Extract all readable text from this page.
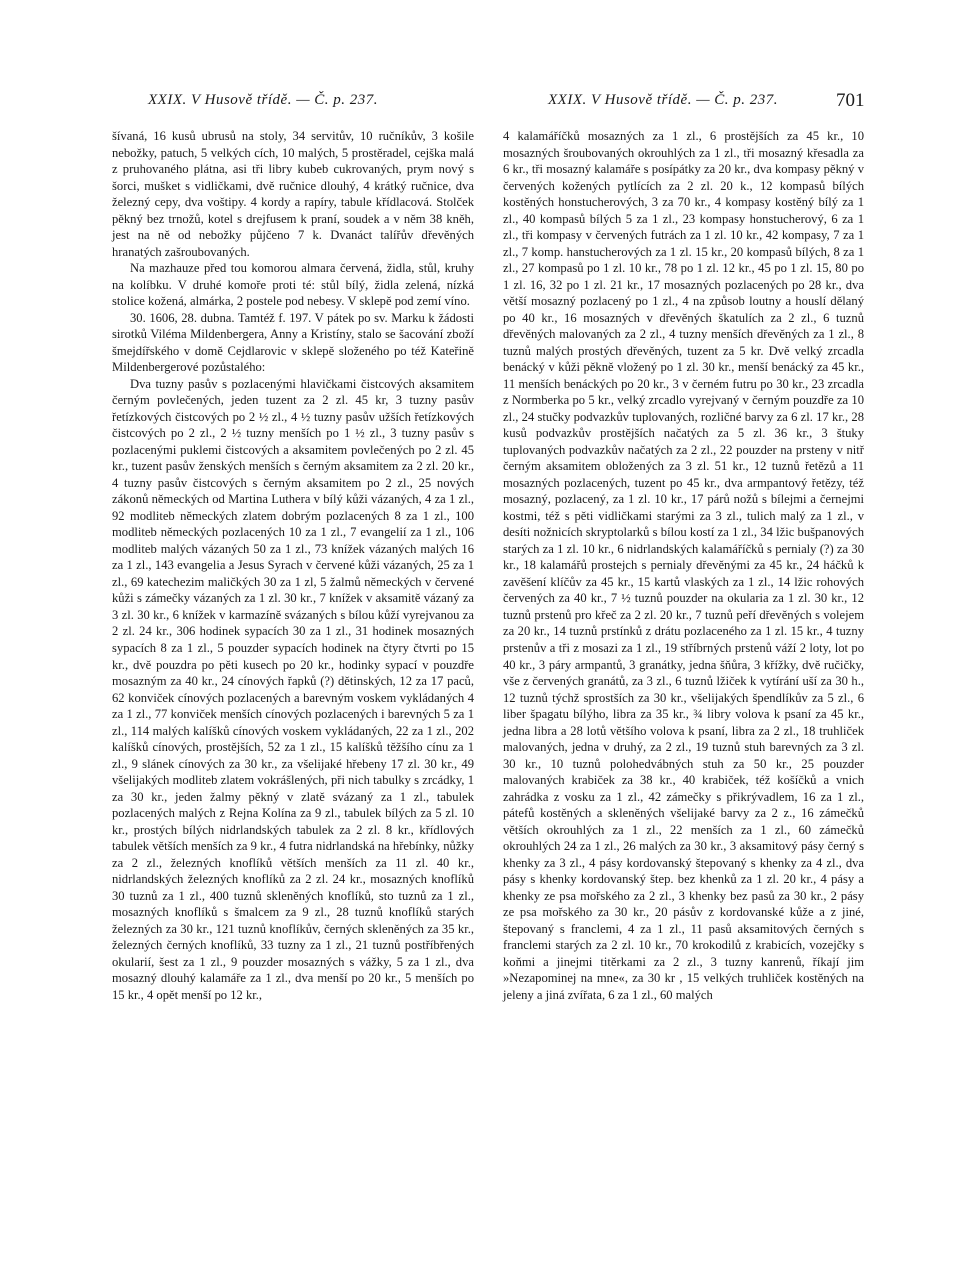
XXIX. V Husově třídě. — Č. p. 237.	XXIX. V Husově třídě. — Č. p. 237.	701

šívaná, 16 kusů ubrusů na stoly, 34 servitův, 10 ručníkův, 3 košile nebožky, patuch, 5 velkých cích, 10 malých, 5 prostěradel, cejška malá z pruhovaného plátna, asi tři libry kubeb cukrovaných, prym nový s šorci, mušket s vidličkami, dvě ručnice dlouhý, 4 krátký ručnice, dva železný cepy, dva voštipy. 4 kordy a rapíry, tabule křídlacová. Stolček pěkný bez trnožů, kotel s drejfusem k praní, soudek a v něm 38 kněh, jest na ně od nebožky půjčeno 7 k. Dvanáct talířův dřevěných hranatých zašroubovaných.

Na mazhauze před tou komorou almara červená, židla, stůl, kruhy na kolíbku. V druhé komoře proti té: stůl bílý, židla zelená, nízká stolice kožená, almárka, 2 postele pod nebesy. V sklepě pod zemí víno.

30. 1606, 28. dubna. Tamtéž f. 197. V pátek po sv. Marku k žádosti sirotků Viléma Mildenbergera, Anny a Kristíny, stalo se šacování zboží šmejdířského v domě Cejdlarovic v sklepě složeného po též Kateřině Mildenbergerové pozůstalého:

Dva tuzny pasův s pozlacenými hlavičkami čistcových aksamitem černým povlečených, jeden tuzent za 2 zl. 45 kr, 3 tuzny pasův řetízkových čistcových po 2 ½ zl., 4 ½ tuzny pasův užších řetízkových čistcových po 2 zl., 2 ½ tuzny menších po 1 ½ zl., 3 tuzny pasův s pozlacenými puklemi čistcových a aksamitem povlečených po 2 zl. 45 kr., tuzent pasův ženských menších s černým aksamitem za 2 zl. 20 kr., 4 tuzny pasův čistcových s černým aksamitem po 2 zl., 25 nových zákonů německých od Martina Luthera v bílý kůži vázaných, 4 za 1 zl., 92 modliteb německých zlatem dobrým pozlacených 8 za 1 zl., 100 modliteb německých pozlacených 10 za 1 zl., 7 evangelií za 1 zl., 106 modliteb malých vázaných 50 za 1 zl., 73 knížek vázaných malých 16 za 1 zl., 143 evangelia a Jesus Syrach v červené kůži vázaných, 25 za 1 zl., 69 katechezim maličkých 30 za 1 zl, 5 žalmů německých v červené kůži s zámečky vázaných za 1 zl. 30 kr., 7 knížek v aksamitě vázaný za 3 zl. 30 kr., 6 knížek v karmazíně svázaných s bílou kůží vyrejvanou za 2 zl. 24 kr., 306 hodinek sypacích 30 za 1 zl., 31 hodinek mosazných sypacích 8 za 1 zl., 5 pouzder sypacích hodinek na čtyry čtvrti po 15 kr., dvě pouzdra po pěti kusech po 20 kr., hodinky sypací v pouzdře mosazným za 40 kr., 24 cínových řapků (?) dětinských, 12 za 17 paců, 62 konviček cínových pozlacených a barevným voskem vykládaných 4 za 1 zl., 77 konviček menších cínových pozlacených i barevných 5 za 1 zl., 114 malých kalíšků cínových voskem vykládaných, 22 za 1 zl., 202 kalíšků cínových, prostějších, 52 za 1 zl., 15 kalíšků těžšího cínu za 1 zl., 9 slánek cínových za 30 kr., za všelijaké hřebeny 17 zl. 30 kr., 49 všelijakých modliteb zlatem vokrášlených, při nich tabulky s zrcádky, 1 za 30 kr., jeden žalmy pěkný v zlatě svázaný za 1 zl., tabulek pozlacených malých z Rejna Kolína za 9 zl., tabulek bílých za 5 zl. 10 kr., prostých bílých nidrlandských tabulek za 2 zl. 8 kr., křídlových tabulek větších menších za 9 kr., 4 futra nidrlandská na hřebínky, nůžky za 2 zl., železných knoflíků větších menších za 11 zl. 40 kr., nidrlandských železných knoflíků za 2 zl. 24 kr., mosazných knoflíků 30 tuznů za 1 zl., 400 tuznů skleněných knoflíků, sto tuznů za 1 zl., mosazných knoflíků s šmalcem za 9 zl., 28 tuznů knoflíků starých železných za 30 kr., 121 tuznů knoflíkův, černých skleněných za 35 kr., železných černých knoflíků, 33 tuzny za 1 zl., 21 tuznů postříbřených okularií, šest za 1 zl., 9 pouzder mosazných s vážky, 5 za 1 zl., dva mosazný dlouhý kalamáře za 1 zl., dva menší po 20 kr., 5 menších po 15 kr., 4 opět menší po 12 kr.,

4 kalamáříčků mosazných za 1 zl., 6 prostějších za 45 kr., 10 mosazných šroubovaných okrouhlých za 1 zl., tři mosazný křesadla za 6 kr., tři mosazný kalamáře s posípátky za 20 kr., dva kompasy pěkný v červených kožených pytlících za 2 zl. 20 k., 12 kompasů bílých kostěných honstucherových, 3 za 70 kr., 4 kompasy kostěný bílý za 1 zl., 40 kompasů bílých 5 za 1 zl., 23 kompasy honstucherový, 6 za 1 zl., tři kompasy v červených futrách za 1 zl. 10 kr., 42 kompasy, 7 za 1 zl., 7 komp. hanstucherových za 1 zl. 15 kr., 20 kompasů bílých, 8 za 1 zl., 27 kompasů po 1 zl. 10 kr., 78 po 1 zl. 12 kr., 45 po 1 zl. 15, 80 po 1 zl. 16, 32 po 1 zl. 21 kr., 17 mosazných pozlacených po 28 kr., dva větší mosazný pozlacený po 1 zl., 4 na způsob loutny a houslí dělaný po 40 kr., 16 mosazných v dřevěných škatulích za 2 zl., 6 tuznů dřevěných malovaných za 2 zl., 4 tuzny menších dřevěných za 1 zl., 8 tuznů malých prostých dřevěných, tuzent za 5 kr. Dvě velký zrcadla benácký v kůži pěkně vložený po 1 zl. 30 kr., menší benácký za 45 kr., 11 menších benáckých po 20 kr., 3 v černém futru po 30 kr., 23 zrcadla z Normberka po 5 kr., velký zrcadlo vyrejvaný v černým pouzdře za 10 zl., 24 stučky podvazkův tuplovaných, rozličné barvy za 6 zl. 17 kr., 28 kusů podvazkův prostějších načatých za 5 zl. 36 kr., 3 štuky tuplovaných podvazkův načatých za 2 zl., 22 pouzder na prsteny v nitř černým aksamitem obložených za 3 zl. 51 kr., 12 tuznů řetězů a 11 mosazných pozlacených, tuzent po 45 kr., dva armpantový řetězy, též mosazný, pozlacený, za 1 zl. 10 kr., 17 párů nožů s bílejmi a černejmi kostmi, též s pěti vidličkami starými za 3 zl., tulich malý za 1 zl., v desíti nožnicích skryptolarků s bílou kostí za 1 zl., 34 lžic bušpanových starých za 1 zl. 10 kr., 6 nidrlandských kalamáříčků s pernialy (?) za 30 kr., 18 kalamářů prostejch s pernialy dřevěnými za 45 kr., 24 háčků k zavěšení klíčův za 45 kr., 15 kartů vlaských za 1 zl., 14 lžic rohových červených za 40 kr., 7 ½ tuznů pouzder na okularia za 1 zl. 30 kr., 12 tuznů prstenů pro křeč za 2 zl. 20 kr., 7 tuznů peří dřevěných s volejem za 20 kr., 14 tuznů prstínků z drátu pozlaceného za 1 zl. 15 kr., 4 tuzny prstenův a tři z mosazi za 1 zl., 19 stříbrných prstenů váží 2 loty, lot po 40 kr., 3 páry armpantů, 3 granátky, jedna šňůra, 3 křížky, dvě ručičky, vše z červených granátů, za 3 zl., 6 tuznů lžiček k vytírání uší za 30 h., 12 tuznů týchž sprostších za 30 kr., všelijakých špendlíkův za 5 zl., 6 liber špagatu bílýho, libra za 35 kr., ¾ libry volova k psaní za 45 kr., jedna libra a 28 lotů většího volova k psaní, libra za 2 zl., 18 truhliček malovaných, jedna v druhý, za 2 zl., 19 tuznů stuh barevných za 3 zl. 30 kr., 10 tuznů polohedvábných stuh za 50 kr., 25 pouzder malovaných krabiček za 38 kr., 40 krabiček, též košíčků a vnich zahrádka z vosku za 1 zl., 42 zámečky s přikrývadlem, 16 za 1 zl., pátefů kostěných a skleněných všelijaké barvy za 2 z., 16 zámečků větších okrouhlých za 1 zl., 22 menších za 1 zl., 60 zámečků okrouhlých 24 za 1 zl., 26 malých za 30 kr., 3 aksamitový pásy černý s khenky za 3 zl., 4 pásy kordovanský štepovaný s khenky za 4 zl., dva pásy s khenky kordovanský štep. bez khenků za 1 zl. 20 kr., 4 pásy a khenky ze psa mořského za 2 zl., 3 khenky bez pasů za 30 kr., 2 pásy ze psa mořského za 30 kr., 20 pásův z kordovanské kůže a z jiné, štepovaný s franclemi, 4 za 1 zl., 11 pasů aksamitových černých s franclemi starých za 2 zl. 10 kr., 70 krokodilů z krabicích, vozejčky s koňmi a jinejmi titěrkami za 2 zl., 3 tuzny kanrenů, říkají jim »Nezapominej na mne«, za 30 kr , 15 velkých truhliček kostěných na jeleny a jiná zvířata, 6 za 1 zl., 60 malých
